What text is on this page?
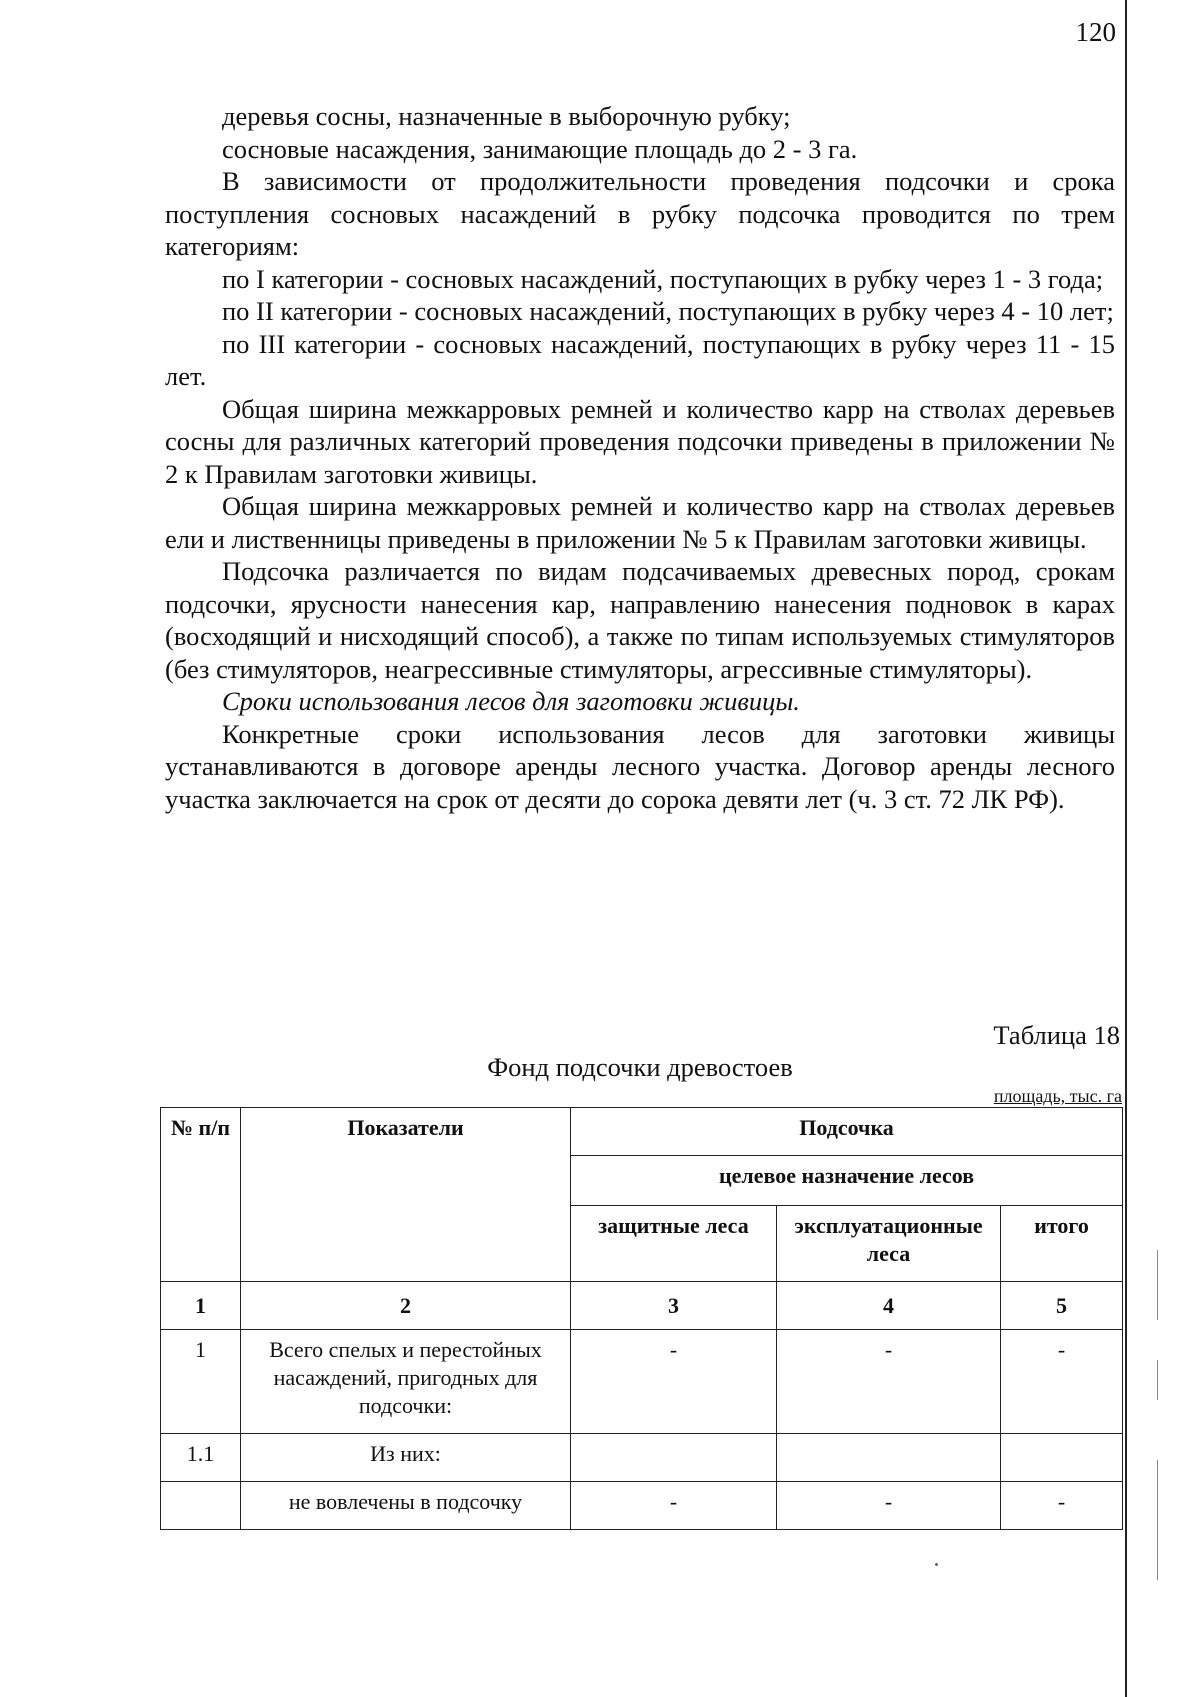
120

деревья сосны, назначенные в выборочную рубку;

сосновые насаждения, занимающие площадь до 2 - 3 га.

В зависимости от продолжительности проведения подсочки и срока поступления сосновых насаждений в рубку подсочка проводится по трем категориям:

по I категории - сосновых насаждений, поступающих в рубку через 1 - 3 года;

по II категории - сосновых насаждений, поступающих в рубку через 4 - 10 лет;

по III категории - сосновых насаждений, поступающих в рубку через 11 - 15 лет.

Общая ширина межкарровых ремней и количество карр на стволах деревьев сосны для различных категорий проведения подсочки приведены в приложении № 2 к Правилам заготовки живицы.

Общая ширина межкарровых ремней и количество карр на стволах деревьев ели и лиственницы приведены в приложении № 5 к Правилам заготовки живицы.

Подсочка различается по видам подсачиваемых древесных пород, срокам подсочки, ярусности нанесения кар, направлению нанесения подновок в карах (восходящий и нисходящий способ), а также по типам используемых стимуляторов (без стимуляторов, неагрессивные стимуляторы, агрессивные стимуляторы).

Сроки использования лесов для заготовки живицы.

Конкретные сроки использования лесов для заготовки живицы устанавливаются в договоре аренды лесного участка. Договор аренды лесного участка заключается на срок от десяти до сорока девяти лет (ч. 3 ст. 72 ЛК РФ).

Таблица 18
Фонд подсочки древостоев
площадь, тыс. га
№ п/п	Показатели	Подсочка		
		целевое назначение лесов		
		защитные леса	эксплуатационные леса	итого
1	2	3	4	5
1	Всего спелых и перестойных насаждений, пригодных для подсочки:	-	-	-
1.1	Из них:			
	не вовлечены в подсочку	-	-	-
